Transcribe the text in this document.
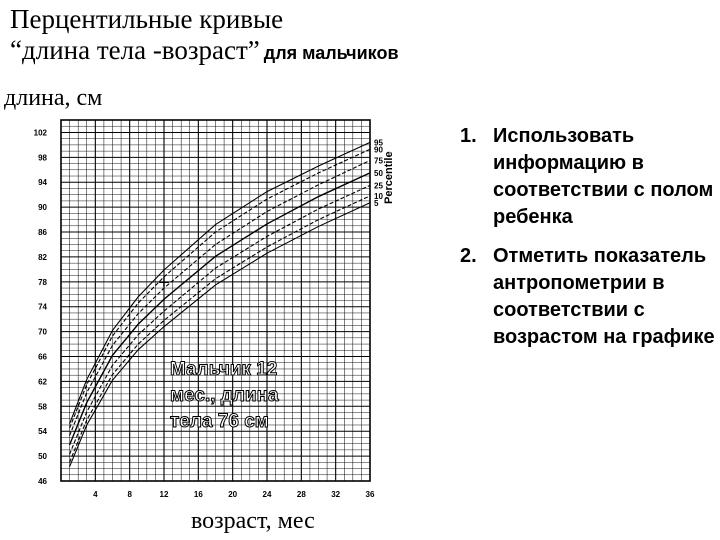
Перцентильные кривые
“длина тела -возраст” для мальчиков
длина, см
возраст, мес
46
50
54
58
62
66
70
74
78
82
86
90
94
98
102
4	8	12	16	20	24	28	32	36
95
90
75
50
25
10
5
+
Percentile
Мальчик 12 мес., длина тела 76 см
1. Использовать информацию в соответствии с полом ребенка
2. Отметить показатель антропометрии в соответствии с возрастом на графике
